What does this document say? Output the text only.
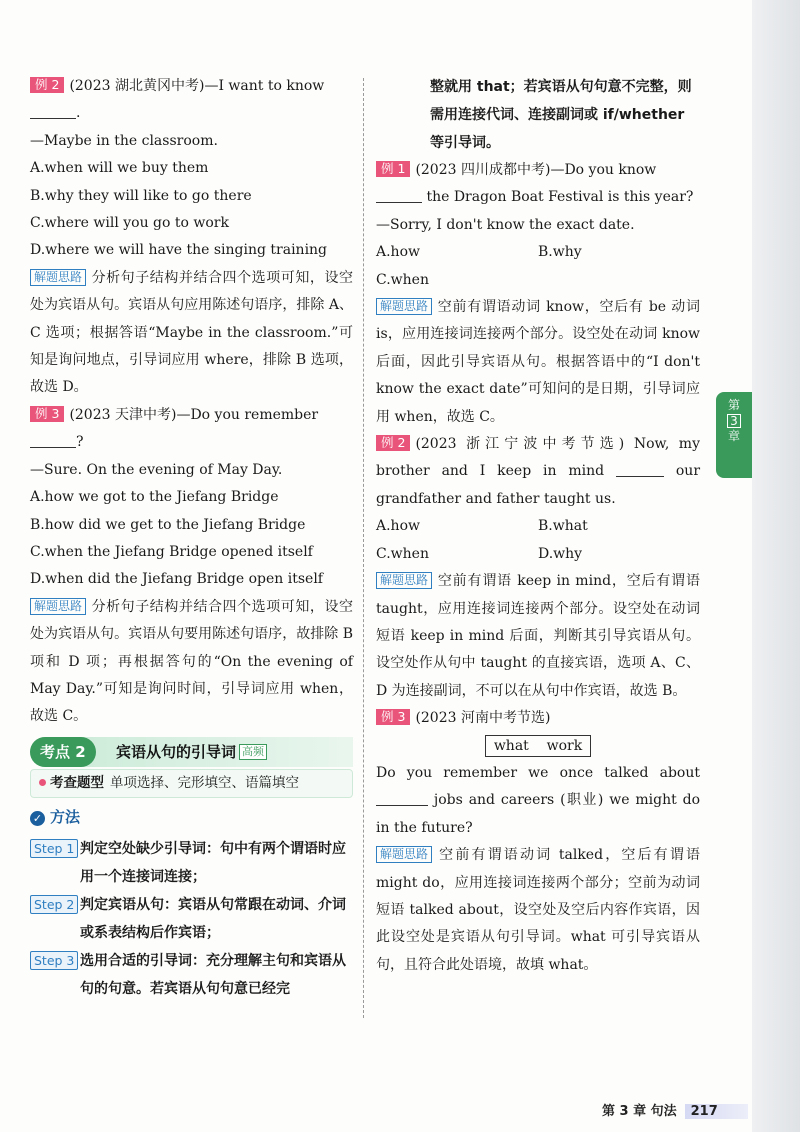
例 2 (2023 湖北黄冈中考)—I want to know

.

—Maybe in the classroom.

A.when will we buy them

B.why they will like to go there

C.where will you go to work

D.where we will have the singing training

解题思路 分析句子结构并结合四个选项可知，设空处为宾语从句。宾语从句应用陈述句语序，排除 A、C 选项；根据答语“Maybe in the classroom.”可知是询问地点，引导词应用 where，排除 B 选项，故选 D。

例 3 (2023 天津中考)—Do you remember

?

—Sure. On the evening of May Day.

A.how we got to the Jiefang Bridge

B.how did we get to the Jiefang Bridge

C.when the Jiefang Bridge opened itself

D.when did the Jiefang Bridge open itself

解题思路 分析句子结构并结合四个选项可知，设空处为宾语从句。宾语从句要用陈述句语序，故排除 B 项和 D 项；再根据答句的“On the evening of May Day.”可知是询问时间，引导词应用 when，故选 C。

考点 2	宾语从句的引导词 高频
考查题型 单项选择、完形填空、语篇填空
✓ 方法
Step 1 判定空处缺少引导词：句中有两个谓语时应用一个连接词连接；
Step 2 判定宾语从句：宾语从句常跟在动词、介词或系表结构后作宾语；
Step 3 选用合适的引导词：充分理解主句和宾语从句的句意。若宾语从句句意已经完
整就用 that；若宾语从句句意不完整，则需用连接代词、连接副词或 if/whether 等引导词。

例 1 (2023 四川成都中考)—Do you know

the Dragon Boat Festival is this year?

—Sorry, I don't know the exact date.

A.how	B.why

C.when

解题思路 空前有谓语动词 know，空后有 be 动词 is，应用连接词连接两个部分。设空处在动词 know 后面，因此引导宾语从句。根据答语中的“I don't know the exact date”可知问的是日期，引导词应用 when，故选 C。

例 2 (2023 浙江宁波中考节选) Now, my brother and I keep in mind	our grandfather and father taught us.

A.how	B.what
C.when	D.why

解题思路 空前有谓语 keep in mind，空后有谓语 taught，应用连接词连接两个部分。设空处在动词短语 keep in mind 后面，判断其引导宾语从句。设空处作从句中 taught 的直接宾语，选项 A、C、D 为连接副词，不可以在从句中作宾语，故选 B。

例 3 (2023 河南中考节选)

what    work

Do you remember we once talked about  jobs and careers (职业) we might do in the future?

解题思路 空前有谓语动词 talked，空后有谓语 might do，应用连接词连接两个部分；空前为动词短语 talked about，设空处及空后内容作宾语，因此设空处是宾语从句引导词。what 可引导宾语从句，且符合此处语境，故填 what。

第
3
章
第 3 章 句法 217
